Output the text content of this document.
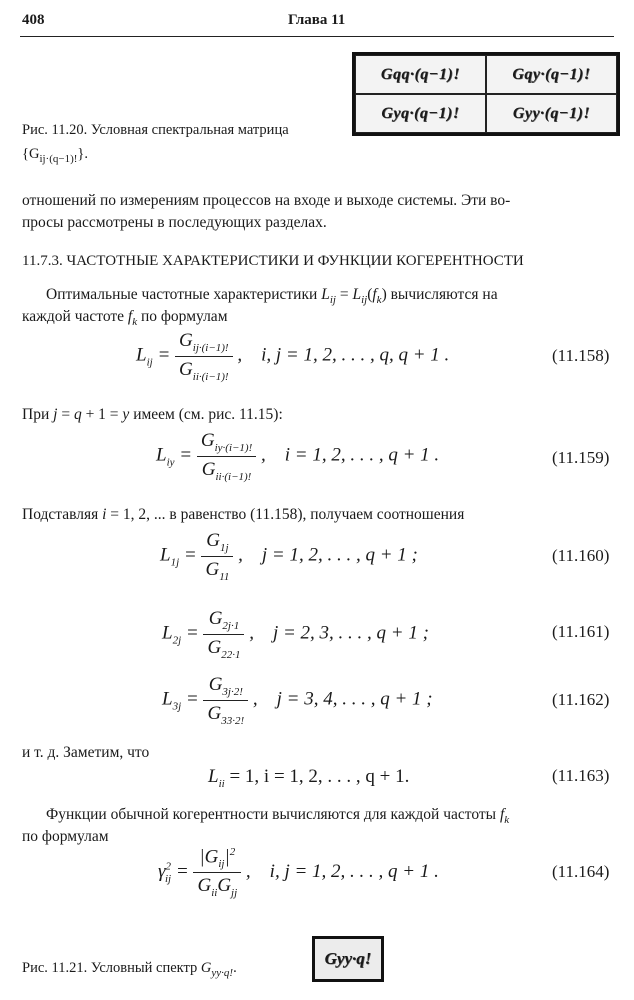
408	Глава 11
Gqq·(q−1)!	Gqy·(q−1)!
Gyq·(q−1)!	Gyy·(q−1)!
Рис. 11.20. Условная спектральная матрица
$\{G_{ij\cdot(q-1)!}\}$.
отношений по измерениям процессов на входе и выходе системы. Эти во-
просы рассмотрены в последующих разделах.
11.7.3. ЧАСТОТНЫЕ ХАРАКТЕРИСТИКИ И ФУНКЦИИ КОГЕРЕНТНОСТИ
Оптимальные частотные характеристики $L_{ij} = L_{ij}(f_k)$ вычисляются на
каждой частоте $f_k$ по формулам
$L_{ij} = \frac{G_{ij\cdot(i-1)!}}{G_{ii\cdot(i-1)!}}$ ,    i, j = 1, 2, . . . , q, q + 1 .	(11.158)
При j = q + 1 = y имеем (см. рис. 11.15):
$L_{iy} = \frac{G_{iy\cdot(i-1)!}}{G_{ii\cdot(i-1)!}}$ ,    i = 1, 2, . . . , q + 1 .	(11.159)
Подставляя i = 1, 2, ... в равенство (11.158), получаем соотношения
$L_{1j} = \frac{G_{1j}}{G_{11}}$ ,    j = 1, 2, . . . , q + 1 ;	(11.160)
$L_{2j} = \frac{G_{2j\cdot 1}}{G_{22\cdot 1}}$ ,    j = 2, 3, . . . , q + 1 ;	(11.161)
$L_{3j} = \frac{G_{3j\cdot 2!}}{G_{33\cdot 2!}}$ ,    j = 3, 4, . . . , q + 1 ;	(11.162)
и т. д. Заметим, что
$L_{ii} = 1$, i = 1, 2, . . . , q + 1.	(11.163)
Функции обычной когерентности вычисляются для каждой частоты $f_k$
по формулам
$\gamma^2_{ij} = \frac{|G_{ij}|^2}{G_{ii}G_{jj}}$ ,    i, j = 1, 2, . . . , q + 1 .	(11.164)
Рис. 11.21. Условный спектр $G_{yy\cdot q!}$.	Gyy·q!
